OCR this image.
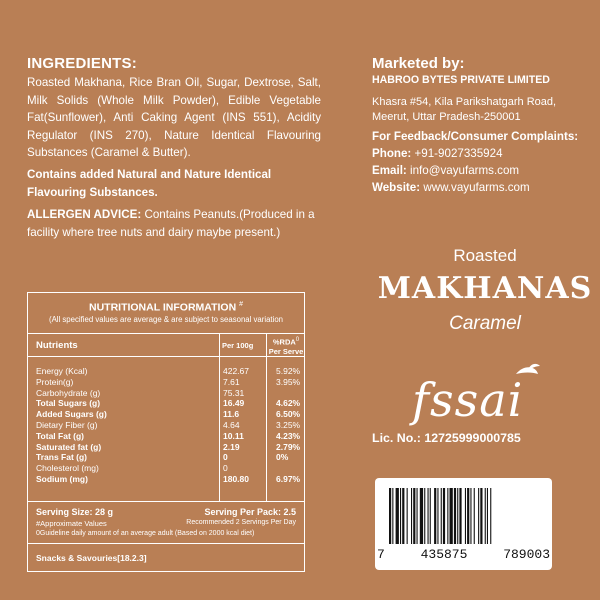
INGREDIENTS:
Roasted Makhana, Rice Bran Oil, Sugar, Dextrose, Salt, Milk Solids (Whole Milk Powder), Edible Vegetable Fat(Sunflower), Anti Caking Agent (INS 551), Acidity Regulator (INS 270), Nature Identical Flavouring Substances (Caramel & Butter).
Contains added Natural and Nature Identical Flavouring Substances.
ALLERGEN ADVICE: Contains Peanuts.(Produced in a facility where tree nuts and dairy maybe present.)
Marketed by:
HABROO BYTES PRIVATE LIMITED
Khasra #54, Kila Parikshatgarh Road,
Meerut, Uttar Pradesh-250001
For Feedback/Consumer Complaints:
Phone: +91-9027335924
Email: info@vayufarms.com
Website: www.vayufarms.com
Roasted
MAKHANAS
Caramel
fssai
Lic. No.: 12725999000785
7	435875	789003
NUTRITIONAL INFORMATION #
(All specified values are average & are subject to seasonal variation
Nutrients	Per 100g	%RDA$^0$
Per Serve
Energy (Kcal)	422.67	5.92%
Protein(g)	7.61	3.95%
Carbohydrate (g)	75.31
Total Sugars (g)	16.49	4.62%
Added Sugars (g)	11.6	6.50%
Dietary Fiber (g)	4.64	3.25%
Total Fat (g)	10.11	4.23%
Saturated fat (g)	2.19	2.79%
Trans Fat (g)	0	0%
Cholesterol (mg)	0
Sodium (mg)	180.80	6.97%
Serving Size: 28 g	Serving Per Pack: 2.5
#Approximate Values	Recommended 2 Servings Per Day
0Guideline daily amount of an average adult (Based on 2000 kcal diet)
Snacks & Savouries[18.2.3]
